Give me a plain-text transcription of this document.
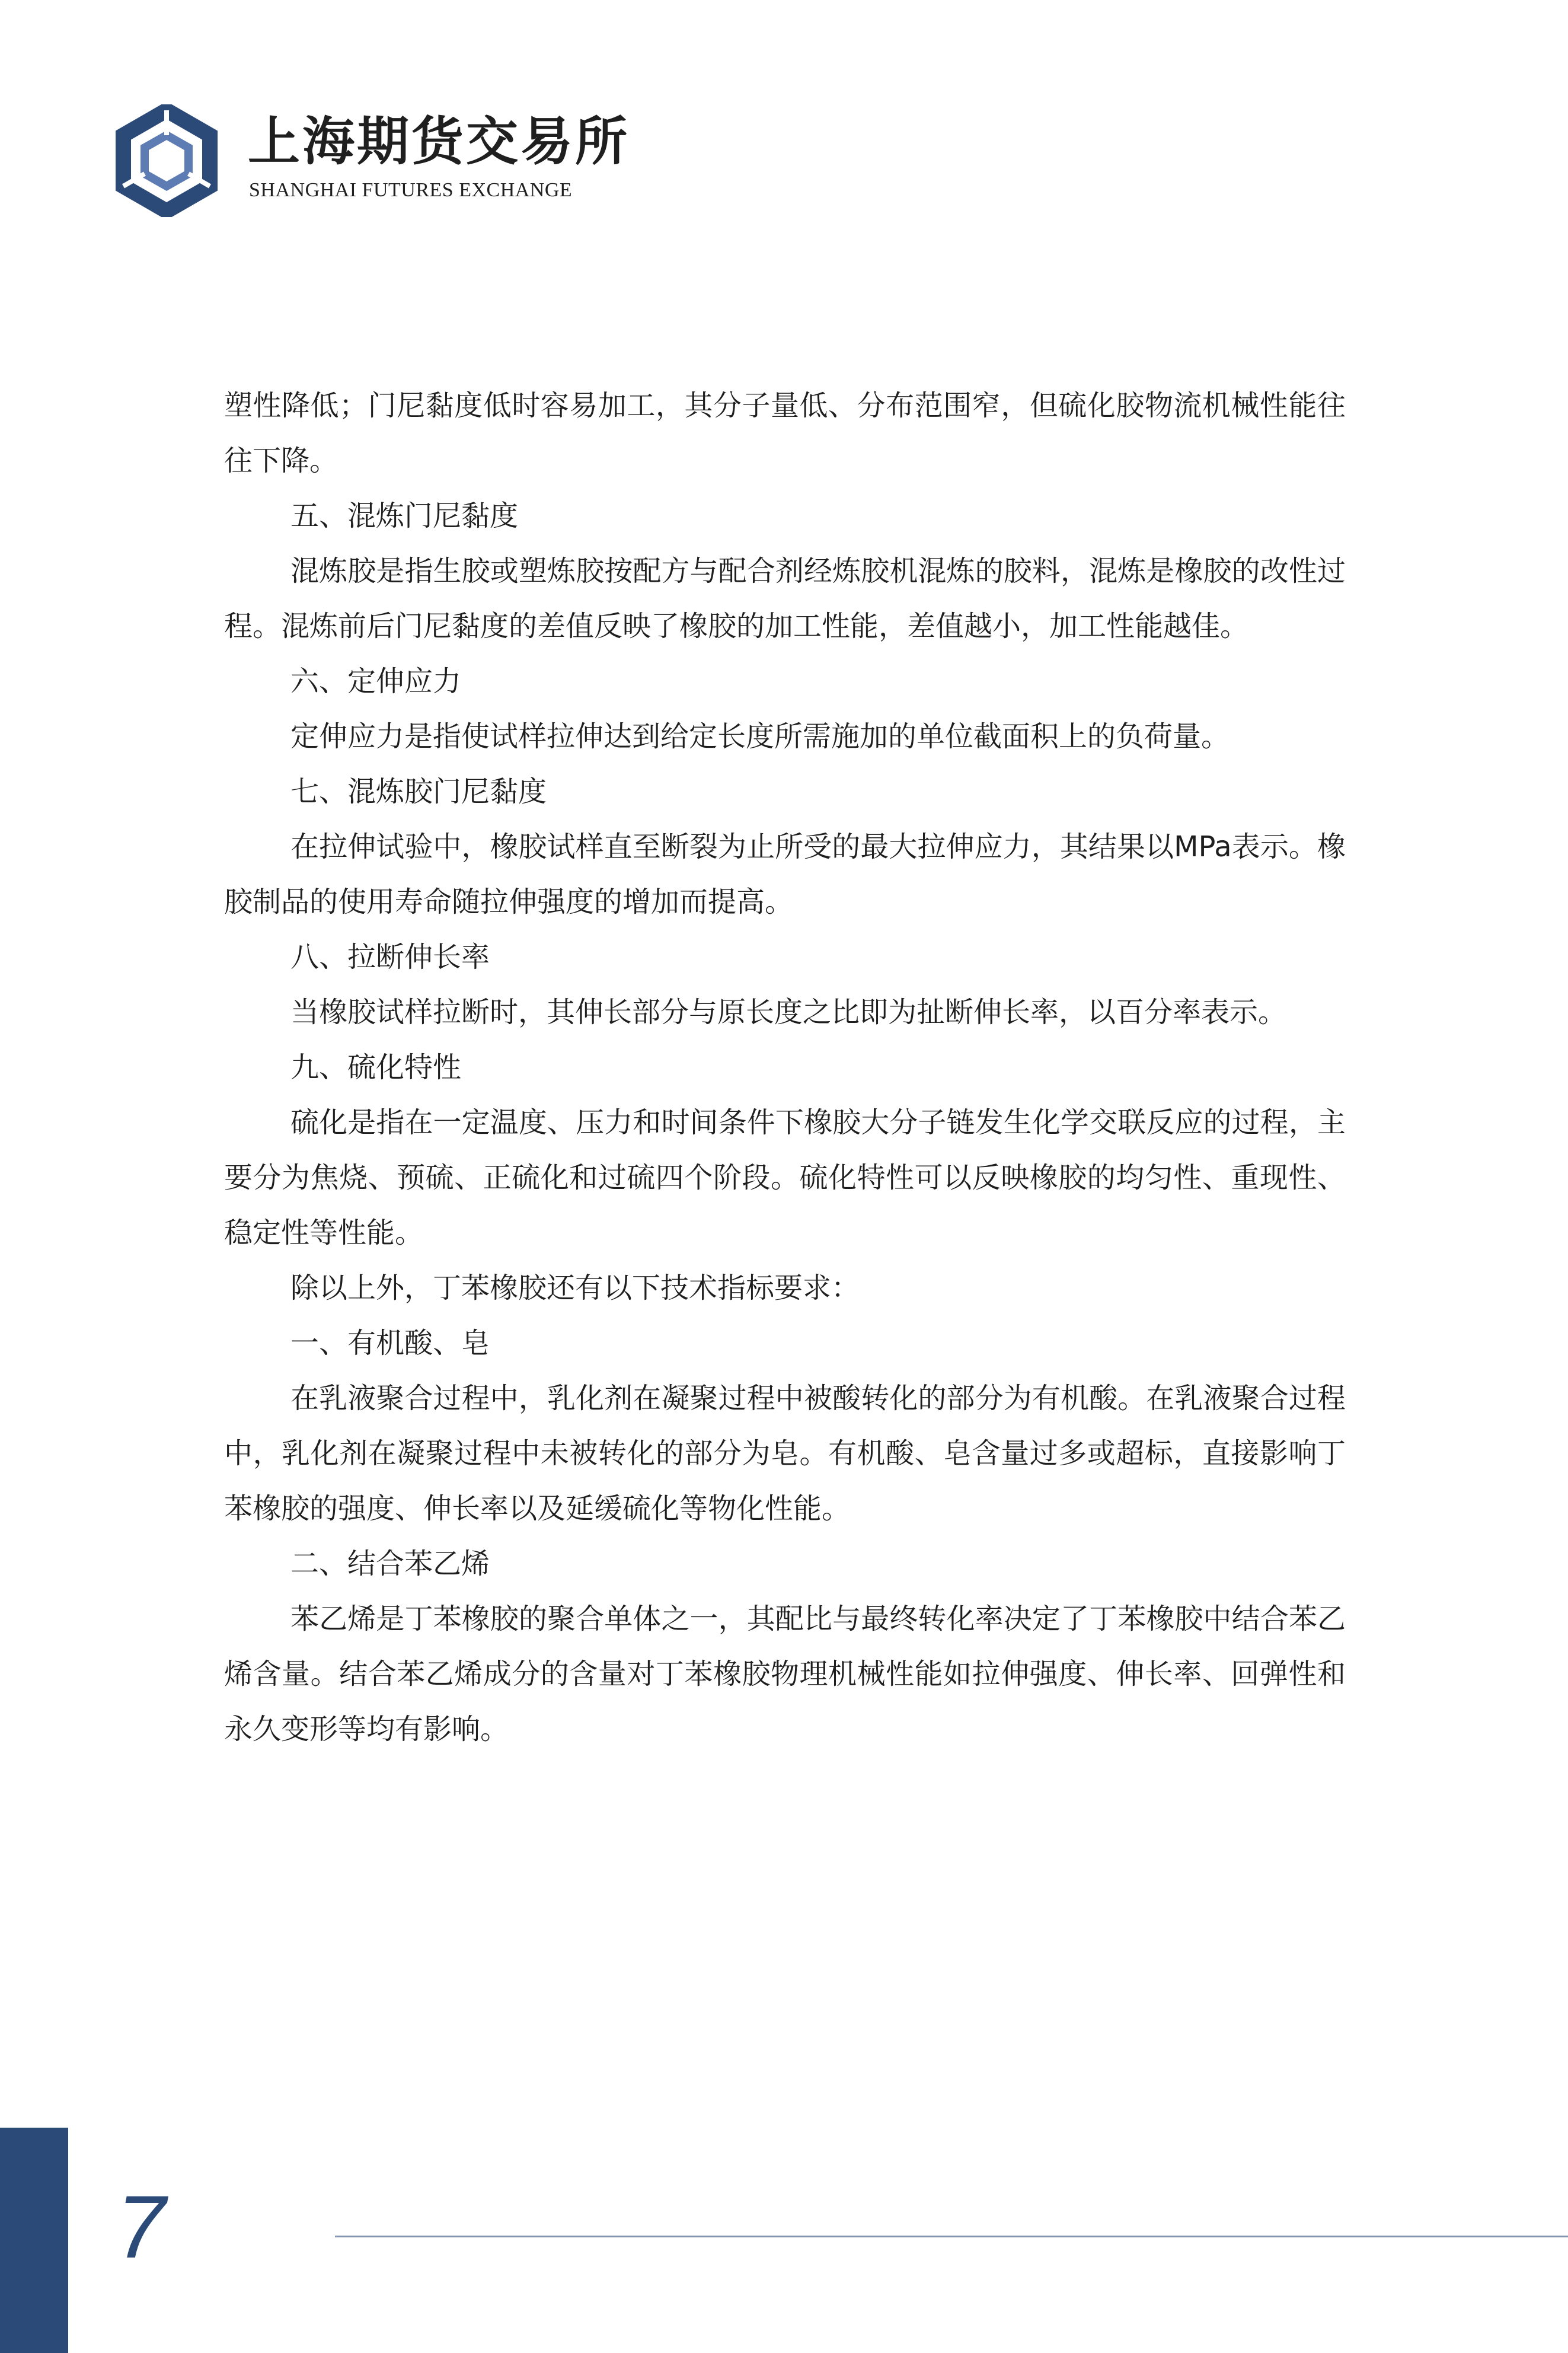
上海期货交易所
SHANGHAI FUTURES EXCHANGE

塑性降低；门尼黏度低时容易加工，其分子量低、分布范围窄，但硫化胶物流机械性能往往下降。

五、混炼门尼黏度

混炼胶是指生胶或塑炼胶按配方与配合剂经炼胶机混炼的胶料，混炼是橡胶的改性过程。混炼前后门尼黏度的差值反映了橡胶的加工性能，差值越小，加工性能越佳。

六、定伸应力

定伸应力是指使试样拉伸达到给定长度所需施加的单位截面积上的负荷量。

七、混炼胶门尼黏度

在拉伸试验中，橡胶试样直至断裂为止所受的最大拉伸应力，其结果以MPa表示。橡胶制品的使用寿命随拉伸强度的增加而提高。

八、拉断伸长率

当橡胶试样拉断时，其伸长部分与原长度之比即为扯断伸长率，以百分率表示。

九、硫化特性

硫化是指在一定温度、压力和时间条件下橡胶大分子链发生化学交联反应的过程，主要分为焦烧、预硫、正硫化和过硫四个阶段。硫化特性可以反映橡胶的均匀性、重现性、稳定性等性能。

除以上外，丁苯橡胶还有以下技术指标要求：

一、有机酸、皂

在乳液聚合过程中，乳化剂在凝聚过程中被酸转化的部分为有机酸。在乳液聚合过程中，乳化剂在凝聚过程中未被转化的部分为皂。有机酸、皂含量过多或超标，直接影响丁苯橡胶的强度、伸长率以及延缓硫化等物化性能。

二、结合苯乙烯

苯乙烯是丁苯橡胶的聚合单体之一，其配比与最终转化率决定了丁苯橡胶中结合苯乙烯含量。结合苯乙烯成分的含量对丁苯橡胶物理机械性能如拉伸强度、伸长率、回弹性和永久变形等均有影响。

7
